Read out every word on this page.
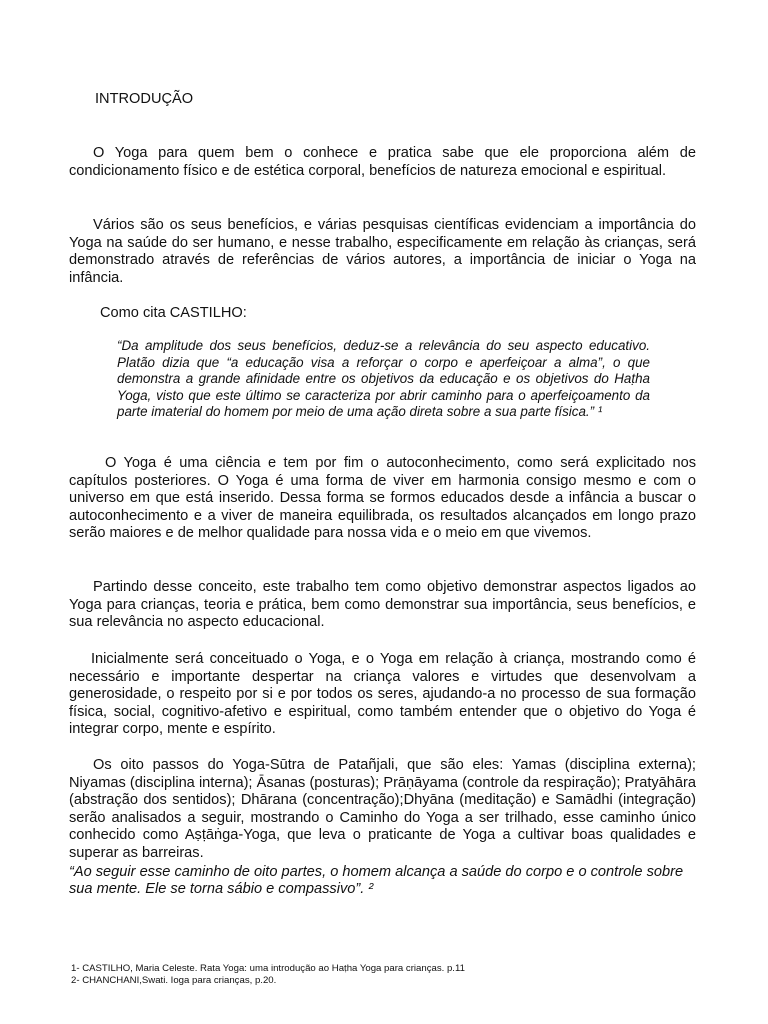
INTRODUÇÃO

O Yoga para quem bem o conhece e pratica sabe que ele proporciona além de condicionamento físico e de estética corporal, benefícios de natureza emocional e espiritual.

Vários são os seus benefícios, e várias pesquisas científicas evidenciam a importância do Yoga na saúde do ser humano, e nesse trabalho, especificamente em relação às crianças, será demonstrado através de referências de vários autores, a importância de iniciar o Yoga na infância.

Como cita CASTILHO:

“Da amplitude dos seus benefícios, deduz-se a relevância do seu aspecto educativo. Platão dizia que “a educação visa a reforçar o corpo e aperfeiçoar a alma”, o que demonstra a grande afinidade entre os objetivos da educação e os objetivos do Haṭha Yoga, visto que este último se caracteriza por abrir caminho para o aperfeiçoamento da parte imaterial do homem por meio de uma ação direta sobre a sua parte física.” ¹

O Yoga é uma ciência e tem por fim o autoconhecimento, como será explicitado nos capítulos posteriores. O Yoga é uma forma de viver em harmonia consigo mesmo e com o universo em que está inserido. Dessa forma se formos educados desde a infância a buscar o autoconhecimento e a viver de maneira equilibrada, os resultados alcançados em longo prazo serão maiores e de melhor qualidade para nossa vida e o meio em que vivemos.

Partindo desse conceito, este trabalho tem como objetivo demonstrar aspectos ligados ao Yoga para crianças, teoria e prática, bem como demonstrar sua importância, seus benefícios, e sua relevância no aspecto educacional.

Inicialmente será conceituado o Yoga, e o Yoga em relação à criança, mostrando como é necessário e importante despertar na criança valores e virtudes que desenvolvam a generosidade, o respeito por si e por todos os seres, ajudando-a no processo de sua formação física, social, cognitivo-afetivo e espiritual, como também entender que o objetivo do Yoga é integrar corpo, mente e espírito.

Os oito passos do Yoga-Sūtra de Patañjali, que são eles: Yamas (disciplina externa); Niyamas (disciplina interna); Āsanas (posturas); Prāṇāyama (controle da respiração); Pratyāhāra (abstração dos sentidos); Dhārana (concentração);Dhyāna (meditação) e Samādhi (integração) serão analisados a seguir, mostrando o Caminho do Yoga a ser trilhado, esse caminho único conhecido como Aṣṭāṅga-Yoga, que leva o praticante de Yoga a cultivar boas qualidades e superar as barreiras.

“Ao seguir esse caminho de oito partes, o homem alcança a saúde do corpo e o controle sobre sua mente. Ele se torna sábio e compassivo”. ²

1- CASTILHO, Maria Celeste. Rata Yoga: uma introdução ao Haṭha Yoga para crianças. p.11

2- CHANCHANI,Swati. Ioga para crianças, p.20.
